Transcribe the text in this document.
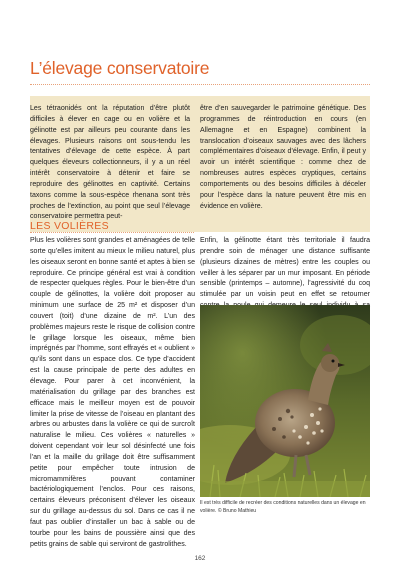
L’élevage conservatoire
Les tétraonidés ont la réputation d’être plutôt difficiles à élever en cage ou en volière et la gélinotte est par ailleurs peu courante dans les élevages. Plusieurs raisons ont sous-tendu les tentatives d’élevage de cette espèce. À part quelques éleveurs collectionneurs, il y a un réel intérêt conservatoire à détenir et faire se reproduire des gélinottes en captivité. Certains taxons comme la sous-espèce rhenana sont très proches de l’extinction, au point que seul l’élevage conservatoire permettra peut-
être d’en sauvegarder le patrimoine génétique. Des programmes de réintroduction en cours (en Allemagne et en Espagne) combinent la translocation d’oiseaux sauvages avec des lâchers complémentaires d’oiseaux d’élevage. Enfin, il peut y avoir un intérêt scientifique : comme chez de nombreuses autres espèces cryptiques, certains comportements ou des besoins difficiles à déceler pour l’espèce dans la nature peuvent être mis en évidence en volière.
LES VOLIÈRES

Plus les volières sont grandes et aménagées de telle sorte qu’elles imitent au mieux le milieu naturel, plus les oiseaux seront en bonne santé et aptes à bien se reproduire. Ce principe général est vrai à condition de respecter quelques règles. Pour le bien-être d’un couple de gélinottes, la volière doit proposer au minimum une surface de 25 m² et disposer d’un couvert (toit) d’une dizaine de m². L’un des problèmes majeurs reste le risque de collision contre le grillage lorsque les oiseaux, même bien imprégnés par l’homme, sont effrayés et « oublient » qu’ils sont dans un espace clos. Ce type d’accident est la cause principale de perte des adultes en élevage. Pour parer à cet inconvénient, la matérialisation du grillage par des branches est efficace mais le meilleur moyen est de pouvoir limiter la prise de vitesse de l’oiseau en plantant des arbres ou arbustes dans la volière ce qui de surcroît naturalise le milieu. Ces volières « naturelles » doivent cependant voir leur sol désinfecté une fois l’an et la maille du grillage doit être suffisamment petite pour empêcher toute intrusion de micromammifères pouvant contaminer bactériologiquement l’enclos. Pour ces raisons, certains éleveurs préconisent d’élever les oiseaux sur du grillage au-dessus du sol. Dans ce cas il ne faut pas oublier d’installer un bac à sable ou de tourbe pour les bains de poussière ainsi que des petits grains de sable qui serviront de gastrolithes.

Enfin, la gélinotte étant très territoriale il faudra prendre soin de ménager une distance suffisante (plusieurs dizaines de mètres) entre les couples ou veiller à les séparer par un mur imposant. En période sensible (printemps – automne), l’agressivité du coq stimulée par un voisin peut en effet se retourner

Il est très difficile de recréer des conditions naturelles dans un élevage en volière. © Bruno Mathieu
162
